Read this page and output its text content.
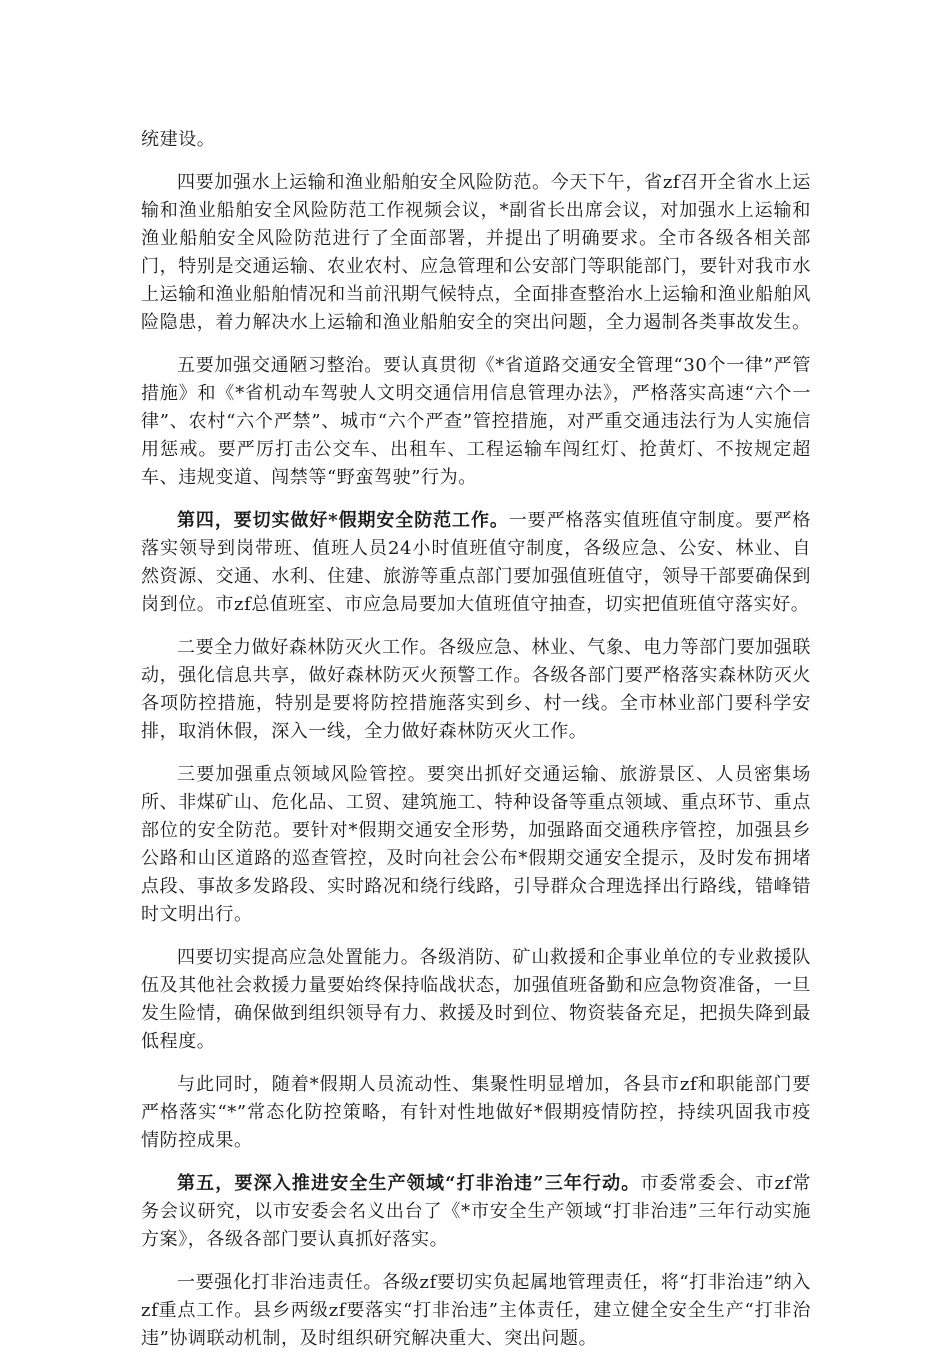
统建设。

四要加强水上运输和渔业船舶安全风险防范。今天下午，省zf召开全省水上运输和渔业船舶安全风险防范工作视频会议，*副省长出席会议，对加强水上运输和渔业船舶安全风险防范进行了全面部署，并提出了明确要求。全市各级各相关部门，特别是交通运输、农业农村、应急管理和公安部门等职能部门，要针对我市水上运输和渔业船舶情况和当前汛期气候特点，全面排查整治水上运输和渔业船舶风险隐患，着力解决水上运输和渔业船舶安全的突出问题，全力遏制各类事故发生。

五要加强交通陋习整治。要认真贯彻《*省道路交通安全管理“30个一律”严管措施》和《*省机动车驾驶人文明交通信用信息管理办法》，严格落实高速“六个一律”、农村“六个严禁”、城市“六个严查”管控措施，对严重交通违法行为人实施信用惩戒。要严厉打击公交车、出租车、工程运输车闯红灯、抢黄灯、不按规定超车、违规变道、闯禁等“野蛮驾驶”行为。

第四，要切实做好*假期安全防范工作。一要严格落实值班值守制度。要严格落实领导到岗带班、值班人员24小时值班值守制度，各级应急、公安、林业、自然资源、交通、水利、住建、旅游等重点部门要加强值班值守，领导干部要确保到岗到位。市zf总值班室、市应急局要加大值班值守抽查，切实把值班值守落实好。

二要全力做好森林防灭火工作。各级应急、林业、气象、电力等部门要加强联动，强化信息共享，做好森林防灭火预警工作。各级各部门要严格落实森林防灭火各项防控措施，特别是要将防控措施落实到乡、村一线。全市林业部门要科学安排，取消休假，深入一线，全力做好森林防灭火工作。

三要加强重点领域风险管控。要突出抓好交通运输、旅游景区、人员密集场所、非煤矿山、危化品、工贸、建筑施工、特种设备等重点领域、重点环节、重点部位的安全防范。要针对*假期交通安全形势，加强路面交通秩序管控，加强县乡公路和山区道路的巡查管控，及时向社会公布*假期交通安全提示，及时发布拥堵点段、事故多发路段、实时路况和绕行线路，引导群众合理选择出行路线，错峰错时文明出行。

四要切实提高应急处置能力。各级消防、矿山救援和企事业单位的专业救援队伍及其他社会救援力量要始终保持临战状态，加强值班备勤和应急物资准备，一旦发生险情，确保做到组织领导有力、救援及时到位、物资装备充足，把损失降到最低程度。

与此同时，随着*假期人员流动性、集聚性明显增加，各县市zf和职能部门要严格落实“*”常态化防控策略，有针对性地做好*假期疫情防控，持续巩固我市疫情防控成果。

第五，要深入推进安全生产领域“打非治违”三年行动。市委常委会、市zf常务会议研究，以市安委会名义出台了《*市安全生产领域“打非治违”三年行动实施方案》，各级各部门要认真抓好落实。

一要强化打非治违责任。各级zf要切实负起属地管理责任，将“打非治违”纳入zf重点工作。县乡两级zf要落实“打非治违”主体责任，建立健全安全生产“打非治违”协调联动机制，及时组织研究解决重大、突出问题。
